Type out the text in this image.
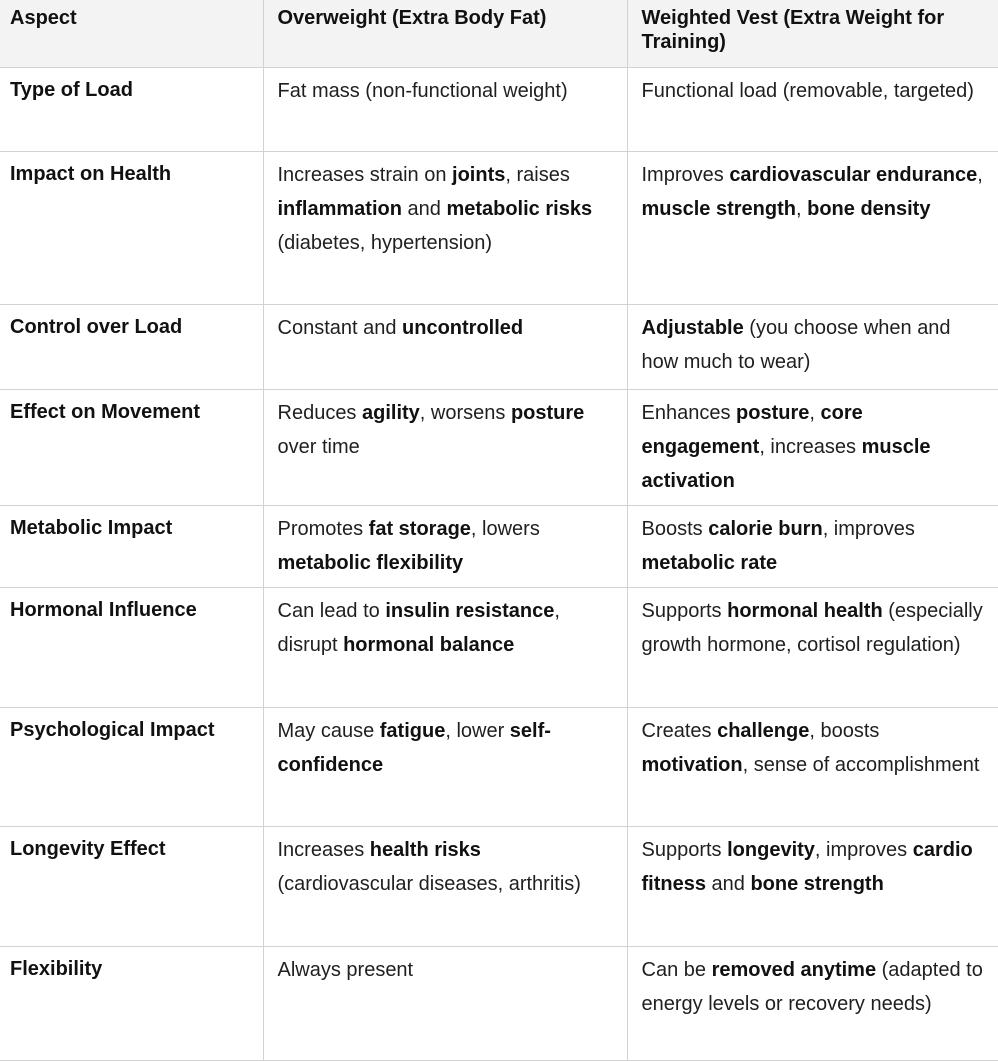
Aspect	Overweight (Extra Body Fat)	Weighted Vest (Extra Weight for Training)
Type of Load	Fat mass (non-functional weight)	Functional load (removable, targeted)
Impact on Health	Increases strain on joints, raises inflammation and metabolic risks (diabetes, hypertension)	Improves cardiovascular endurance, muscle strength, bone density
Control over Load	Constant and uncontrolled	Adjustable (you choose when and how much to wear)
Effect on Movement	Reduces agility, worsens posture over time	Enhances posture, core engagement, increases muscle activation
Metabolic Impact	Promotes fat storage, lowers metabolic flexibility	Boosts calorie burn, improves metabolic rate
Hormonal Influence	Can lead to insulin resistance, disrupt hormonal balance	Supports hormonal health (especially growth hormone, cortisol regulation)
Psychological Impact	May cause fatigue, lower self-confidence	Creates challenge, boosts motivation, sense of accomplishment
Longevity Effect	Increases health risks (cardiovascular diseases, arthritis)	Supports longevity, improves cardio fitness and bone strength
Flexibility	Always present	Can be removed anytime (adapted to energy levels or recovery needs)
